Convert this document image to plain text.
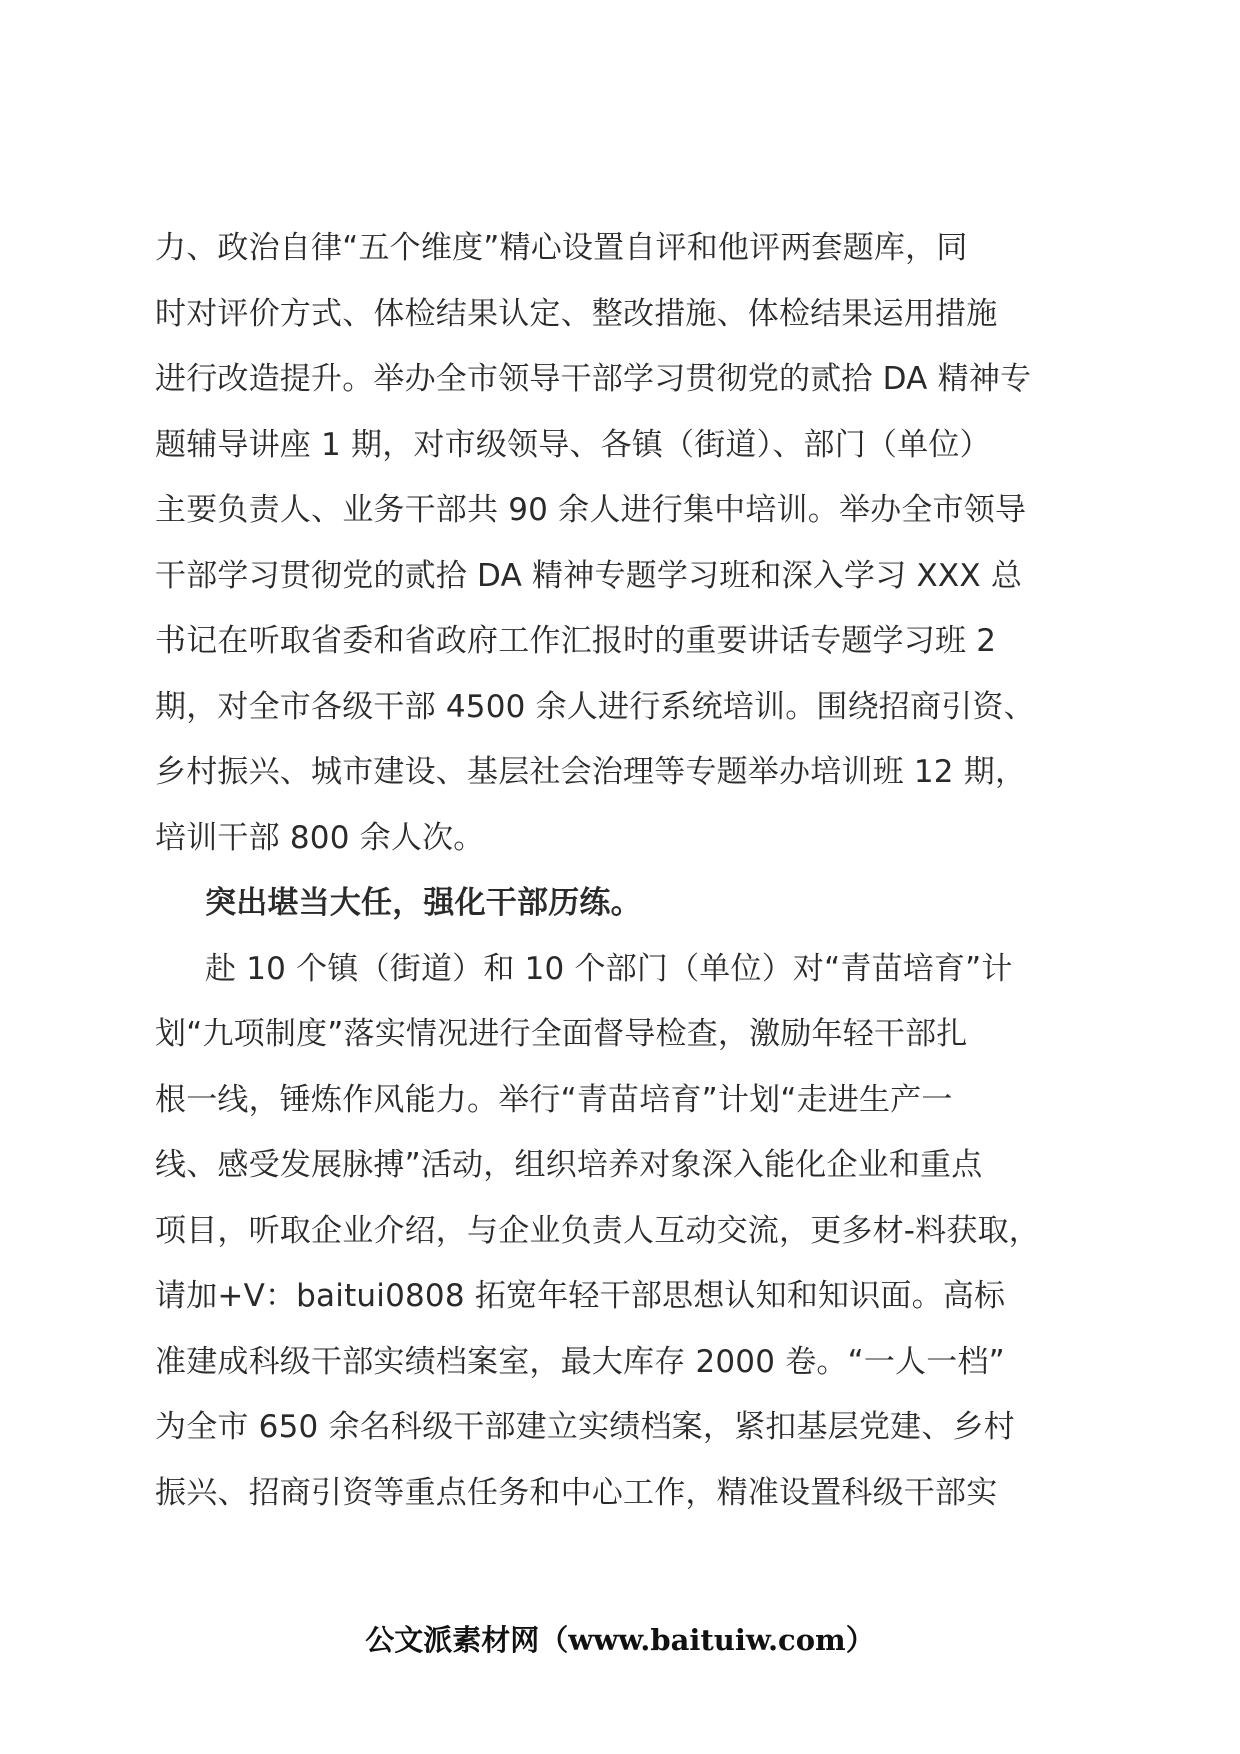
力、政治自律“五个维度”精心设置自评和他评两套题库，同
时对评价方式、体检结果认定、整改措施、体检结果运用措施
进行改造提升。举办全市领导干部学习贯彻党的贰拾 DA 精神专
题辅导讲座 1 期，对市级领导、各镇（街道）、部门（单位）
主要负责人、业务干部共 90 余人进行集中培训。举办全市领导
干部学习贯彻党的贰拾 DA 精神专题学习班和深入学习 XXX 总
书记在听取省委和省政府工作汇报时的重要讲话专题学习班 2
期，对全市各级干部 4500 余人进行系统培训。围绕招商引资、
乡村振兴、城市建设、基层社会治理等专题举办培训班 12 期，
培训干部 800 余人次。
突出堪当大任，强化干部历练。
赴 10 个镇（街道）和 10 个部门（单位）对“青苗培育”计
划“九项制度”落实情况进行全面督导检查，激励年轻干部扎
根一线，锤炼作风能力。举行“青苗培育”计划“走进生产一
线、感受发展脉搏”活动，组织培养对象深入能化企业和重点
项目，听取企业介绍，与企业负责人互动交流，更多材-料获取，
请加+V：baitui0808 拓宽年轻干部思想认知和知识面。高标
准建成科级干部实绩档案室，最大库存 2000 卷。“一人一档”
为全市 650 余名科级干部建立实绩档案，紧扣基层党建、乡村
振兴、招商引资等重点任务和中心工作，精准设置科级干部实
公文派素材网（www.baitui​w.com）
